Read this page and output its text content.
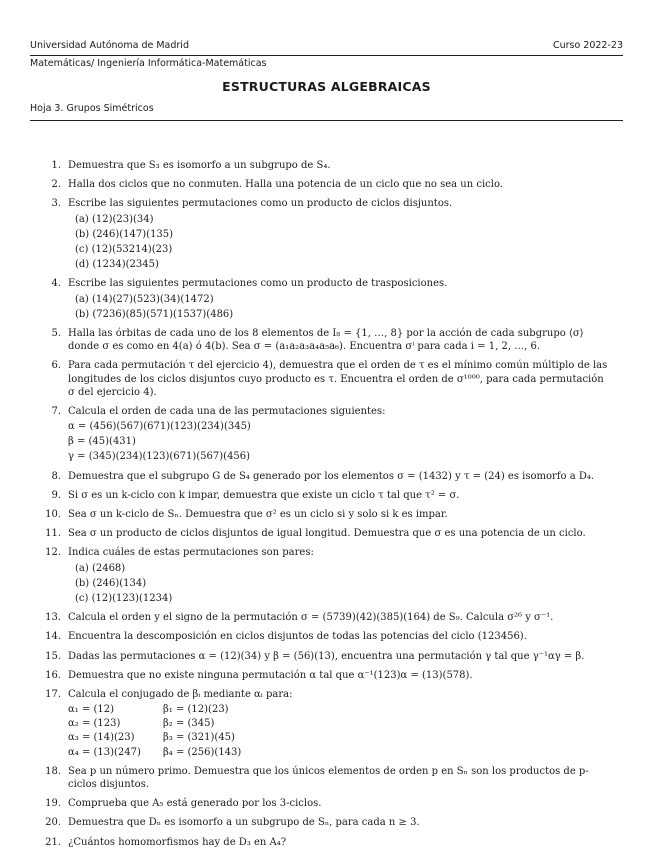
Universidad Autónoma de Madrid	Curso 2022-23
Matemáticas/ Ingeniería Informática-Matemáticas
ESTRUCTURAS ALGEBRAICAS
Hoja 3. Grupos Simétricos
1. Demuestra que S₃ es isomorfo a un subgrupo de S₄.
2. Halla dos ciclos que no conmuten. Halla una potencia de un ciclo que no sea un ciclo.
3. Escribe las siguientes permutaciones como un producto de ciclos disjuntos.
(a) (12)(23)(34)
(b) (246)(147)(135)
(c) (12)(53214)(23)
(d) (1234)(2345)
4. Escribe las siguientes permutaciones como un producto de trasposiciones.
(a) (14)(27)(523)(34)(1472)
(b) (7236)(85)(571)(1537)(486)
5. Halla las órbitas de cada uno de los 8 elementos de I₈ = {1, …, 8} por la acción de cada subgrupo ⟨σ⟩ donde σ es como en 4(a) ó 4(b). Sea σ = (a₁a₂a₃a₄a₅a₆). Encuentra σⁱ para cada i = 1, 2, …, 6.
6. Para cada permutación τ del ejercicio 4), demuestra que el orden de τ es el mínimo común múltiplo de las longitudes de los ciclos disjuntos cuyo producto es τ. Encuentra el orden de σ¹⁰⁰⁰, para cada permutación σ del ejercicio 4).
7. Calcula el orden de cada una de las permutaciones siguientes:
α = (456)(567)(671)(123)(234)(345)
β = (45)(431)
γ = (345)(234)(123)(671)(567)(456)
8. Demuestra que el subgrupo G de S₄ generado por los elementos σ = (1432) y τ = (24) es isomorfo a D₄.
9. Si σ es un k-ciclo con k impar, demuestra que existe un ciclo τ tal que τ² = σ.
10. Sea σ un k-ciclo de Sₙ. Demuestra que σ² es un ciclo si y solo si k es impar.
11. Sea σ un producto de ciclos disjuntos de igual longitud. Demuestra que σ es una potencia de un ciclo.
12. Indica cuáles de estas permutaciones son pares:
(a) (2468)
(b) (246)(134)
(c) (12)(123)(1234)
13. Calcula el orden y el signo de la permutación σ = (5739)(42)(385)(164) de S₉. Calcula σ²⁶ y σ⁻¹.
14. Encuentra la descomposición en ciclos disjuntos de todas las potencias del ciclo (123456).
15. Dadas las permutaciones α = (12)(34) y β = (56)(13), encuentra una permutación γ tal que γ⁻¹αγ = β.
16. Demuestra que no existe ninguna permutación α tal que α⁻¹(123)α = (13)(578).
17. Calcula el conjugado de βᵢ mediante αᵢ para:
α₁ = (12)	β₁ = (12)(23)
α₂ = (123)	β₂ = (345)
α₃ = (14)(23)	β₃ = (321)(45)
α₄ = (13)(247)	β₄ = (256)(143)
18. Sea p un número primo. Demuestra que los únicos elementos de orden p en Sₙ son los productos de p-ciclos disjuntos.
19. Comprueba que A₅ está generado por los 3-ciclos.
20. Demuestra que Dₙ es isomorfo a un subgrupo de Sₙ, para cada n ≥ 3.
21. ¿Cuántos homomorfismos hay de D₃ en A₄?
